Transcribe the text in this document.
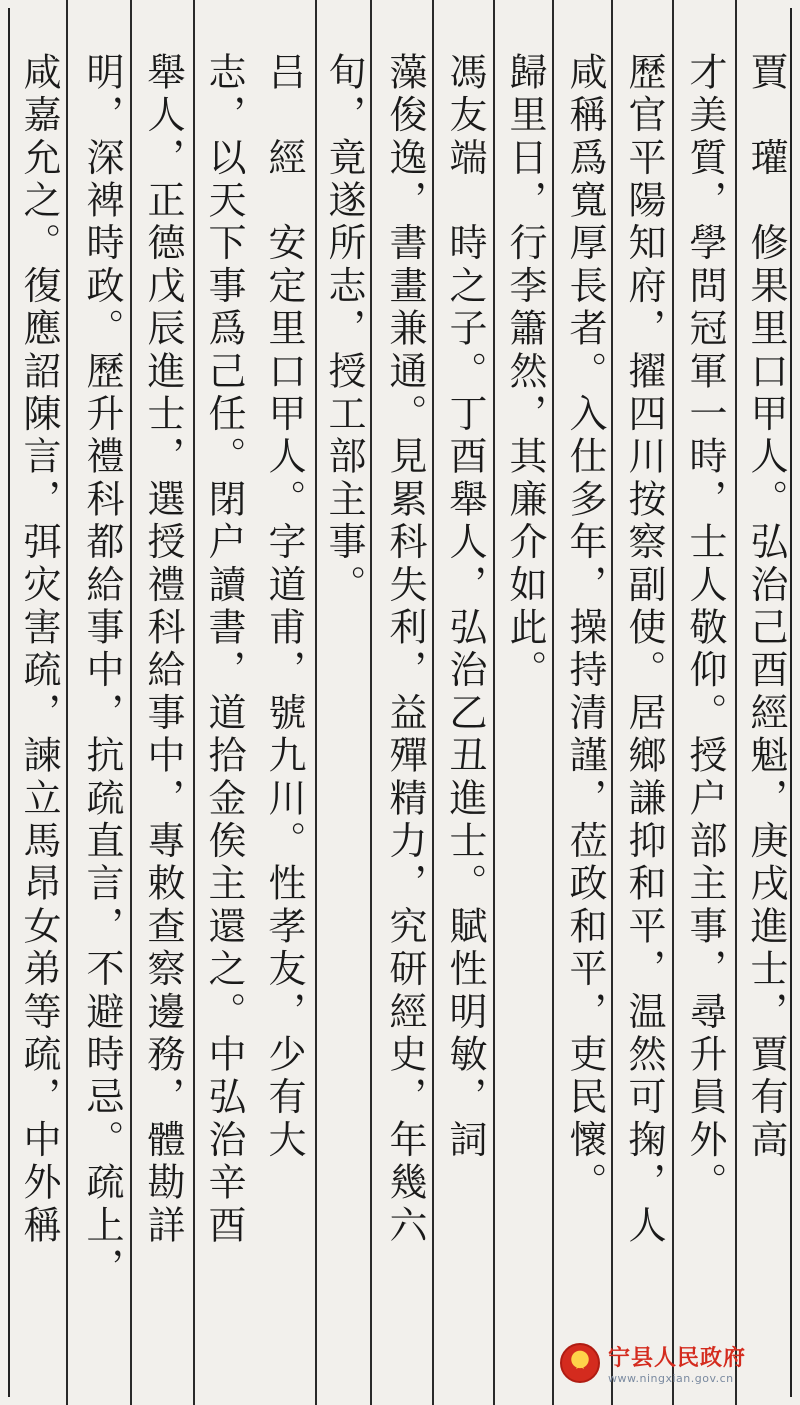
賈　瓘　修果里口甲人。弘治己酉經魁，庚戌進士，賈有高
才美質，學問冠軍一時，士人敬仰。授户部主事，尋升員外。
歷官平陽知府，擢四川按察副使。居鄉謙抑和平，温然可掬，人
咸稱爲寬厚長者。入仕多年，操持清謹，莅政和平，吏民懷。
歸里日，行李簫然，其廉介如此。
馮友端　時之子。丁酉舉人，弘治乙丑進士。賦性明敏，詞
藻俊逸，書畫兼通。見累科失利，益殫精力，究研經史，年幾六
旬，竟遂所志，授工部主事。
吕　經　安定里口甲人。字道甫，號九川。性孝友，少有大
志，以天下事爲己任。閉户讀書，道拾金俟主還之。中弘治辛酉
舉人，正德戊辰進士，選授禮科給事中，專敕查察邊務，體勘詳
明，深裨時政。歷升禮科都給事中，抗疏直言，不避時忌。疏上，
咸嘉允之。復應詔陳言，弭灾害疏，諫立馬昂女弟等疏，中外稱
★ 宁县人民政府
www.ningxian.gov.cn
